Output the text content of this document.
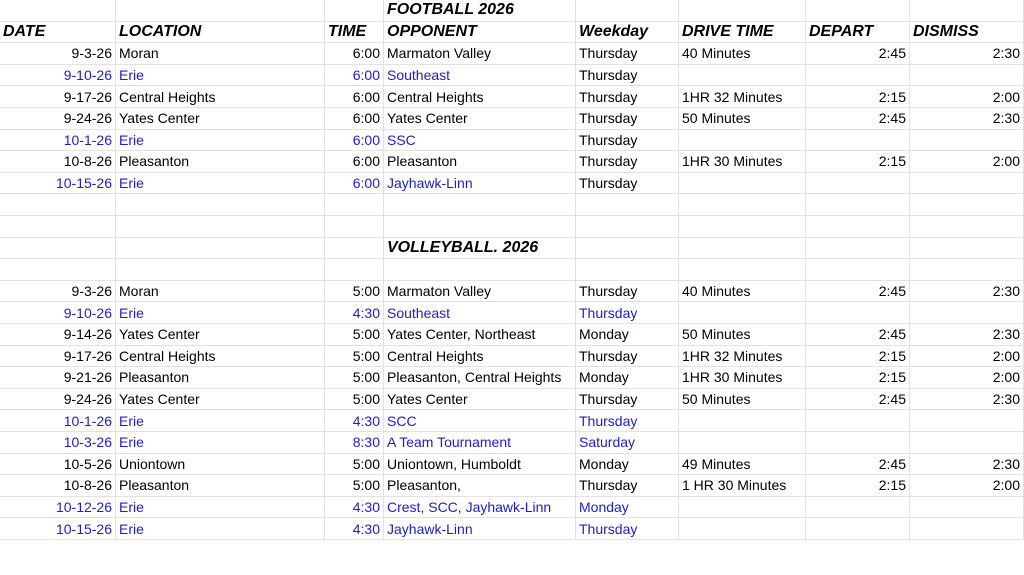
FOOTBALL 2026
DATE	LOCATION	TIME	OPPONENT	Weekday	DRIVE TIME	DEPART	DISMISS
9-3-26 Moran	6:00 Marmaton Valley	Thursday	40 Minutes	2:45	2:30
9-10-26 Erie	6:00 Southeast	Thursday
9-17-26 Central Heights	6:00 Central Heights	Thursday	1HR 32 Minutes	2:15	2:00
9-24-26 Yates Center	6:00 Yates Center	Thursday	50 Minutes	2:45	2:30
10-1-26 Erie	6:00 SSC	Thursday
10-8-26 Pleasanton	6:00 Pleasanton	Thursday	1HR 30 Minutes	2:15	2:00
10-15-26 Erie	6:00 Jayhawk-Linn	Thursday
VOLLEYBALL. 2026
9-3-26 Moran	5:00 Marmaton Valley	Thursday	40 Minutes	2:45	2:30
9-10-26 Erie	4:30 Southeast	Thursday
9-14-26 Yates Center	5:00 Yates Center, Northeast	Monday	50 Minutes	2:45	2:30
9-17-26 Central Heights	5:00 Central Heights	Thursday	1HR 32 Minutes	2:15	2:00
9-21-26 Pleasanton	5:00 Pleasanton, Central Heights	Monday	1HR 30 Minutes	2:15	2:00
9-24-26 Yates Center	5:00 Yates Center	Thursday	50 Minutes	2:45	2:30
10-1-26 Erie	4:30 SCC	Thursday
10-3-26 Erie	8:30 A Team Tournament	Saturday
10-5-26 Uniontown	5:00 Uniontown, Humboldt	Monday	49 Minutes	2:45	2:30
10-8-26 Pleasanton	5:00 Pleasanton,	Thursday	1 HR 30 Minutes	2:15	2:00
10-12-26 Erie	4:30 Crest, SCC, Jayhawk-Linn	Monday
10-15-26 Erie	4:30 Jayhawk-Linn	Thursday
